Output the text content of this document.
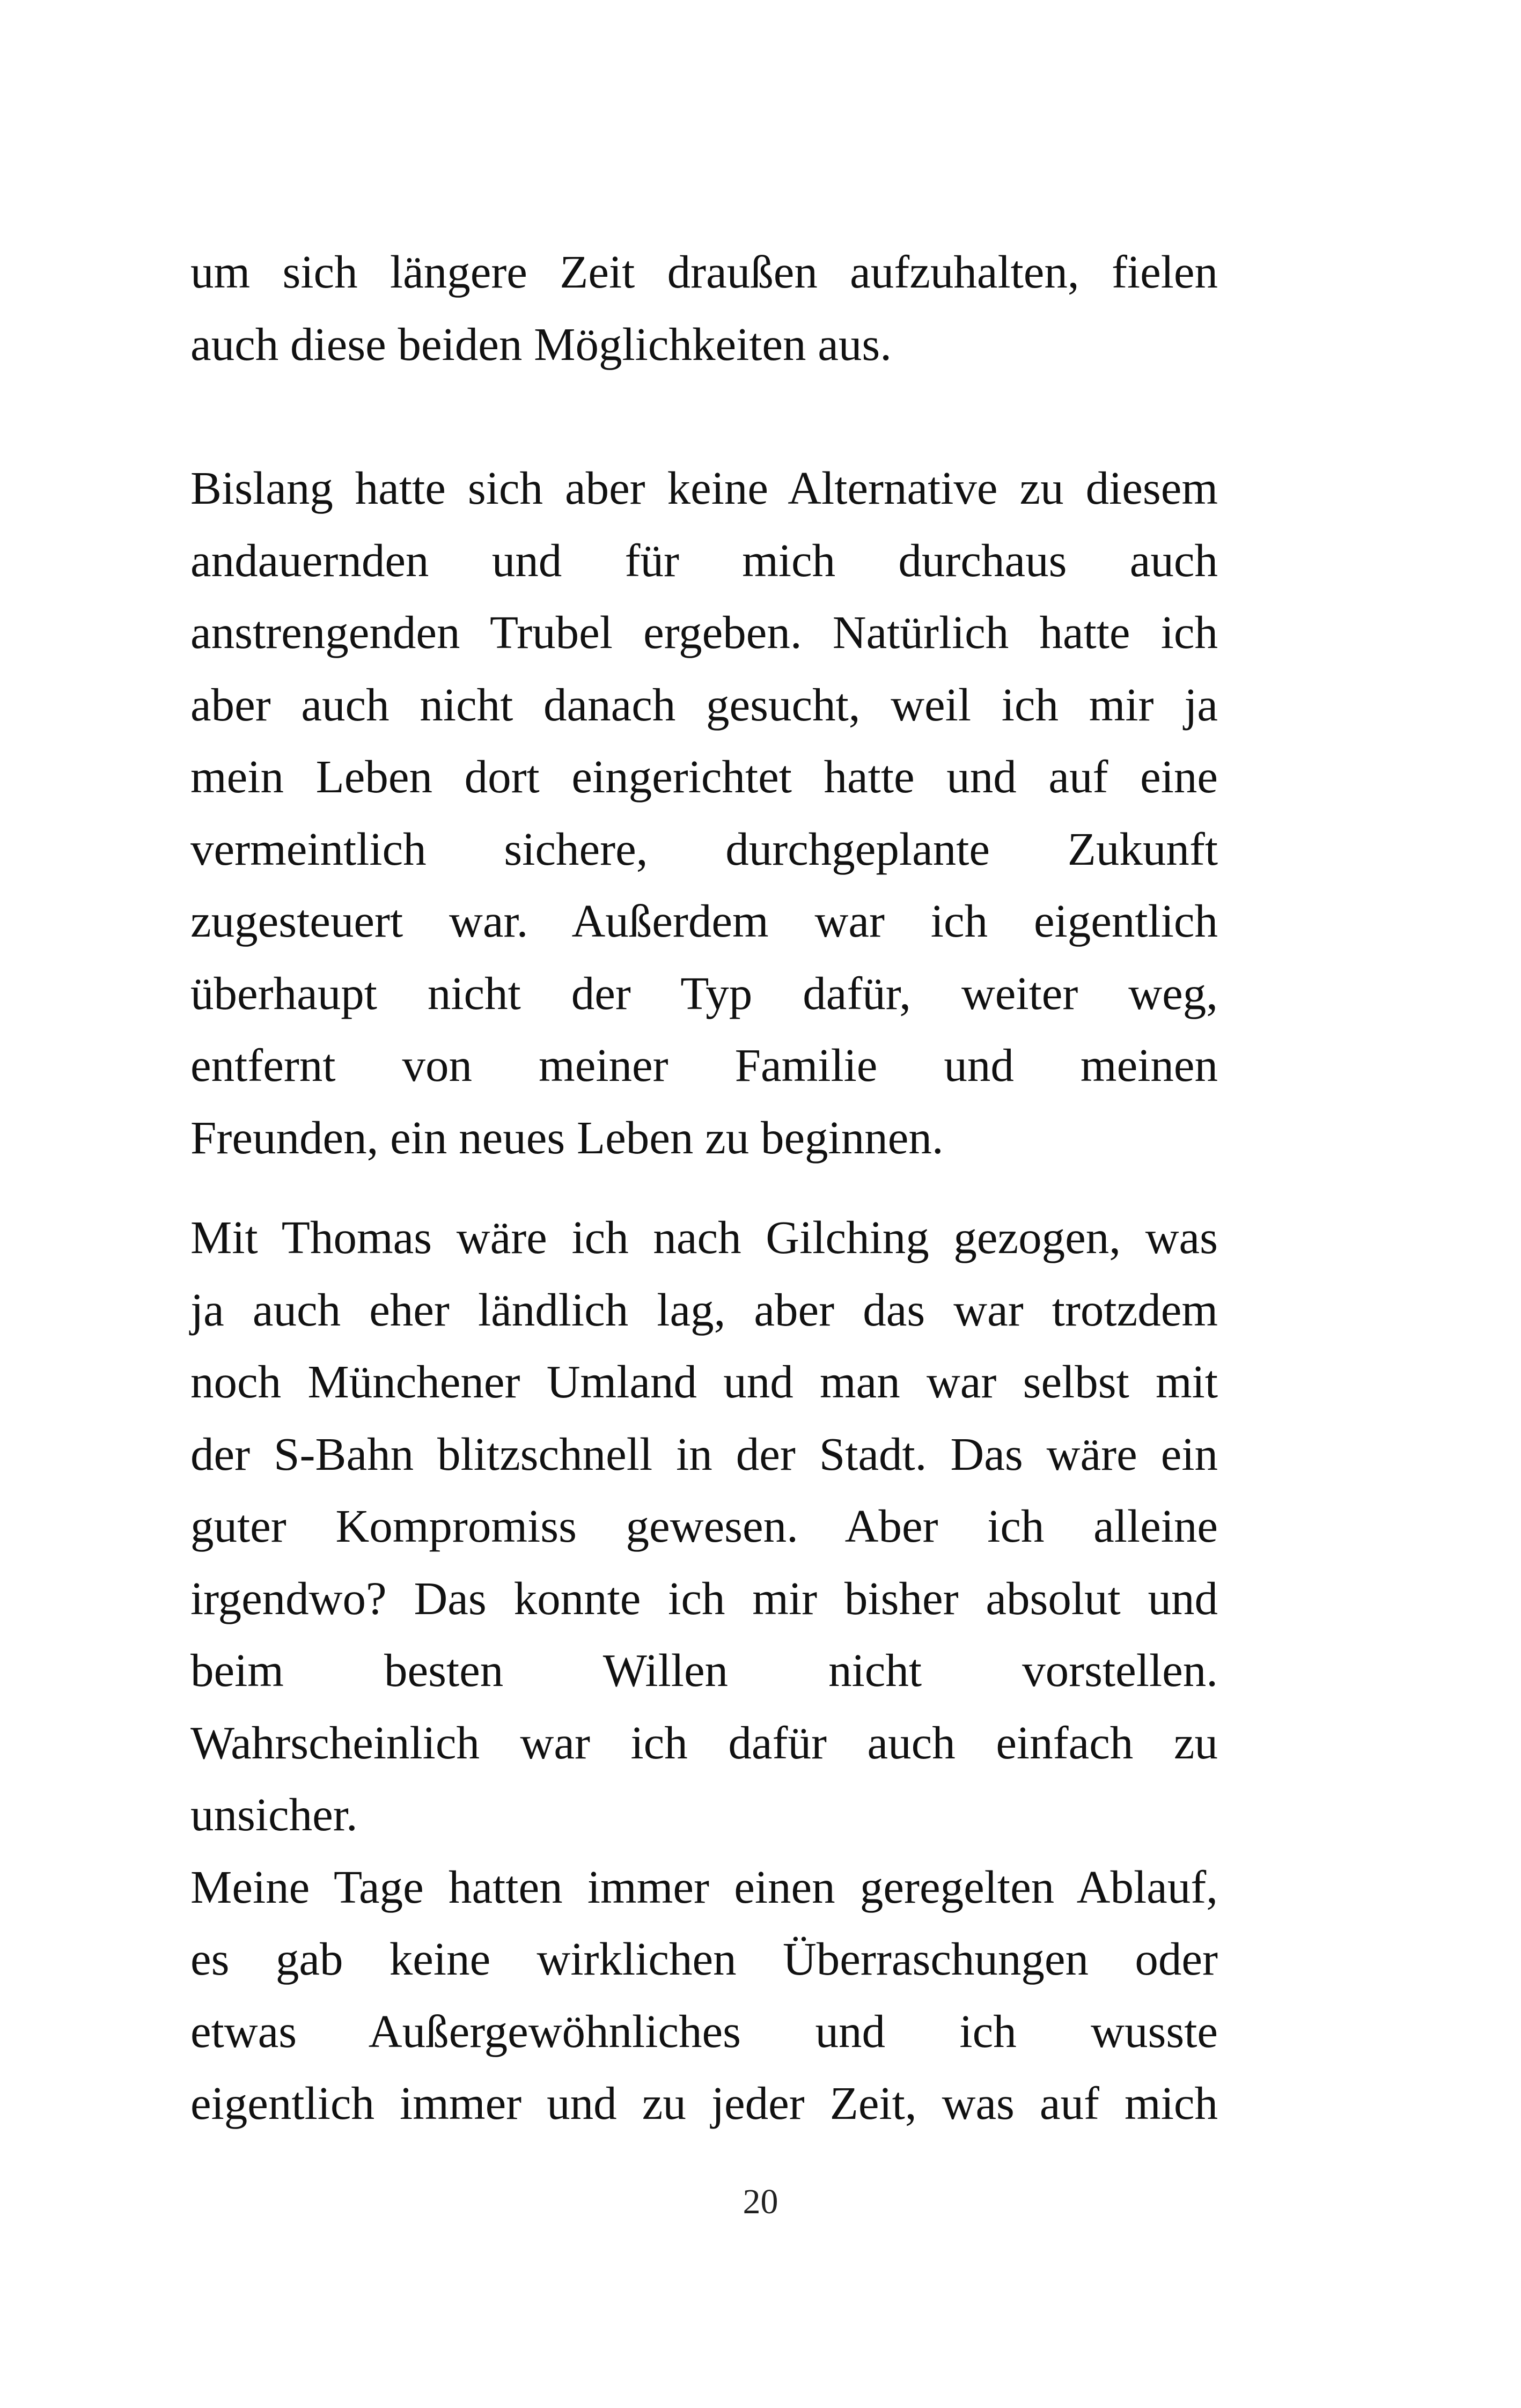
um sich längere Zeit draußen aufzuhalten, fielen
auch diese beiden Möglichkeiten aus.

Bislang hatte sich aber keine Alternative zu diesem
andauernden und für mich durchaus auch
anstrengenden Trubel ergeben. Natürlich hatte ich
aber auch nicht danach gesucht, weil ich mir ja
mein Leben dort eingerichtet hatte und auf eine
vermeintlich sichere, durchgeplante Zukunft
zugesteuert war. Außerdem war ich eigentlich
überhaupt nicht der Typ dafür, weiter weg,
entfernt von meiner Familie und meinen
Freunden, ein neues Leben zu beginnen.

Mit Thomas wäre ich nach Gilching gezogen, was
ja auch eher ländlich lag, aber das war trotzdem
noch Münchener Umland und man war selbst mit
der S-Bahn blitzschnell in der Stadt. Das wäre ein
guter Kompromiss gewesen. Aber ich alleine
irgendwo? Das konnte ich mir bisher absolut und
beim besten Willen nicht vorstellen.
Wahrscheinlich war ich dafür auch einfach zu
unsicher.

Meine Tage hatten immer einen geregelten Ablauf,
es gab keine wirklichen Überraschungen oder
etwas Außergewöhnliches und ich wusste
eigentlich immer und zu jeder Zeit, was auf mich

20
